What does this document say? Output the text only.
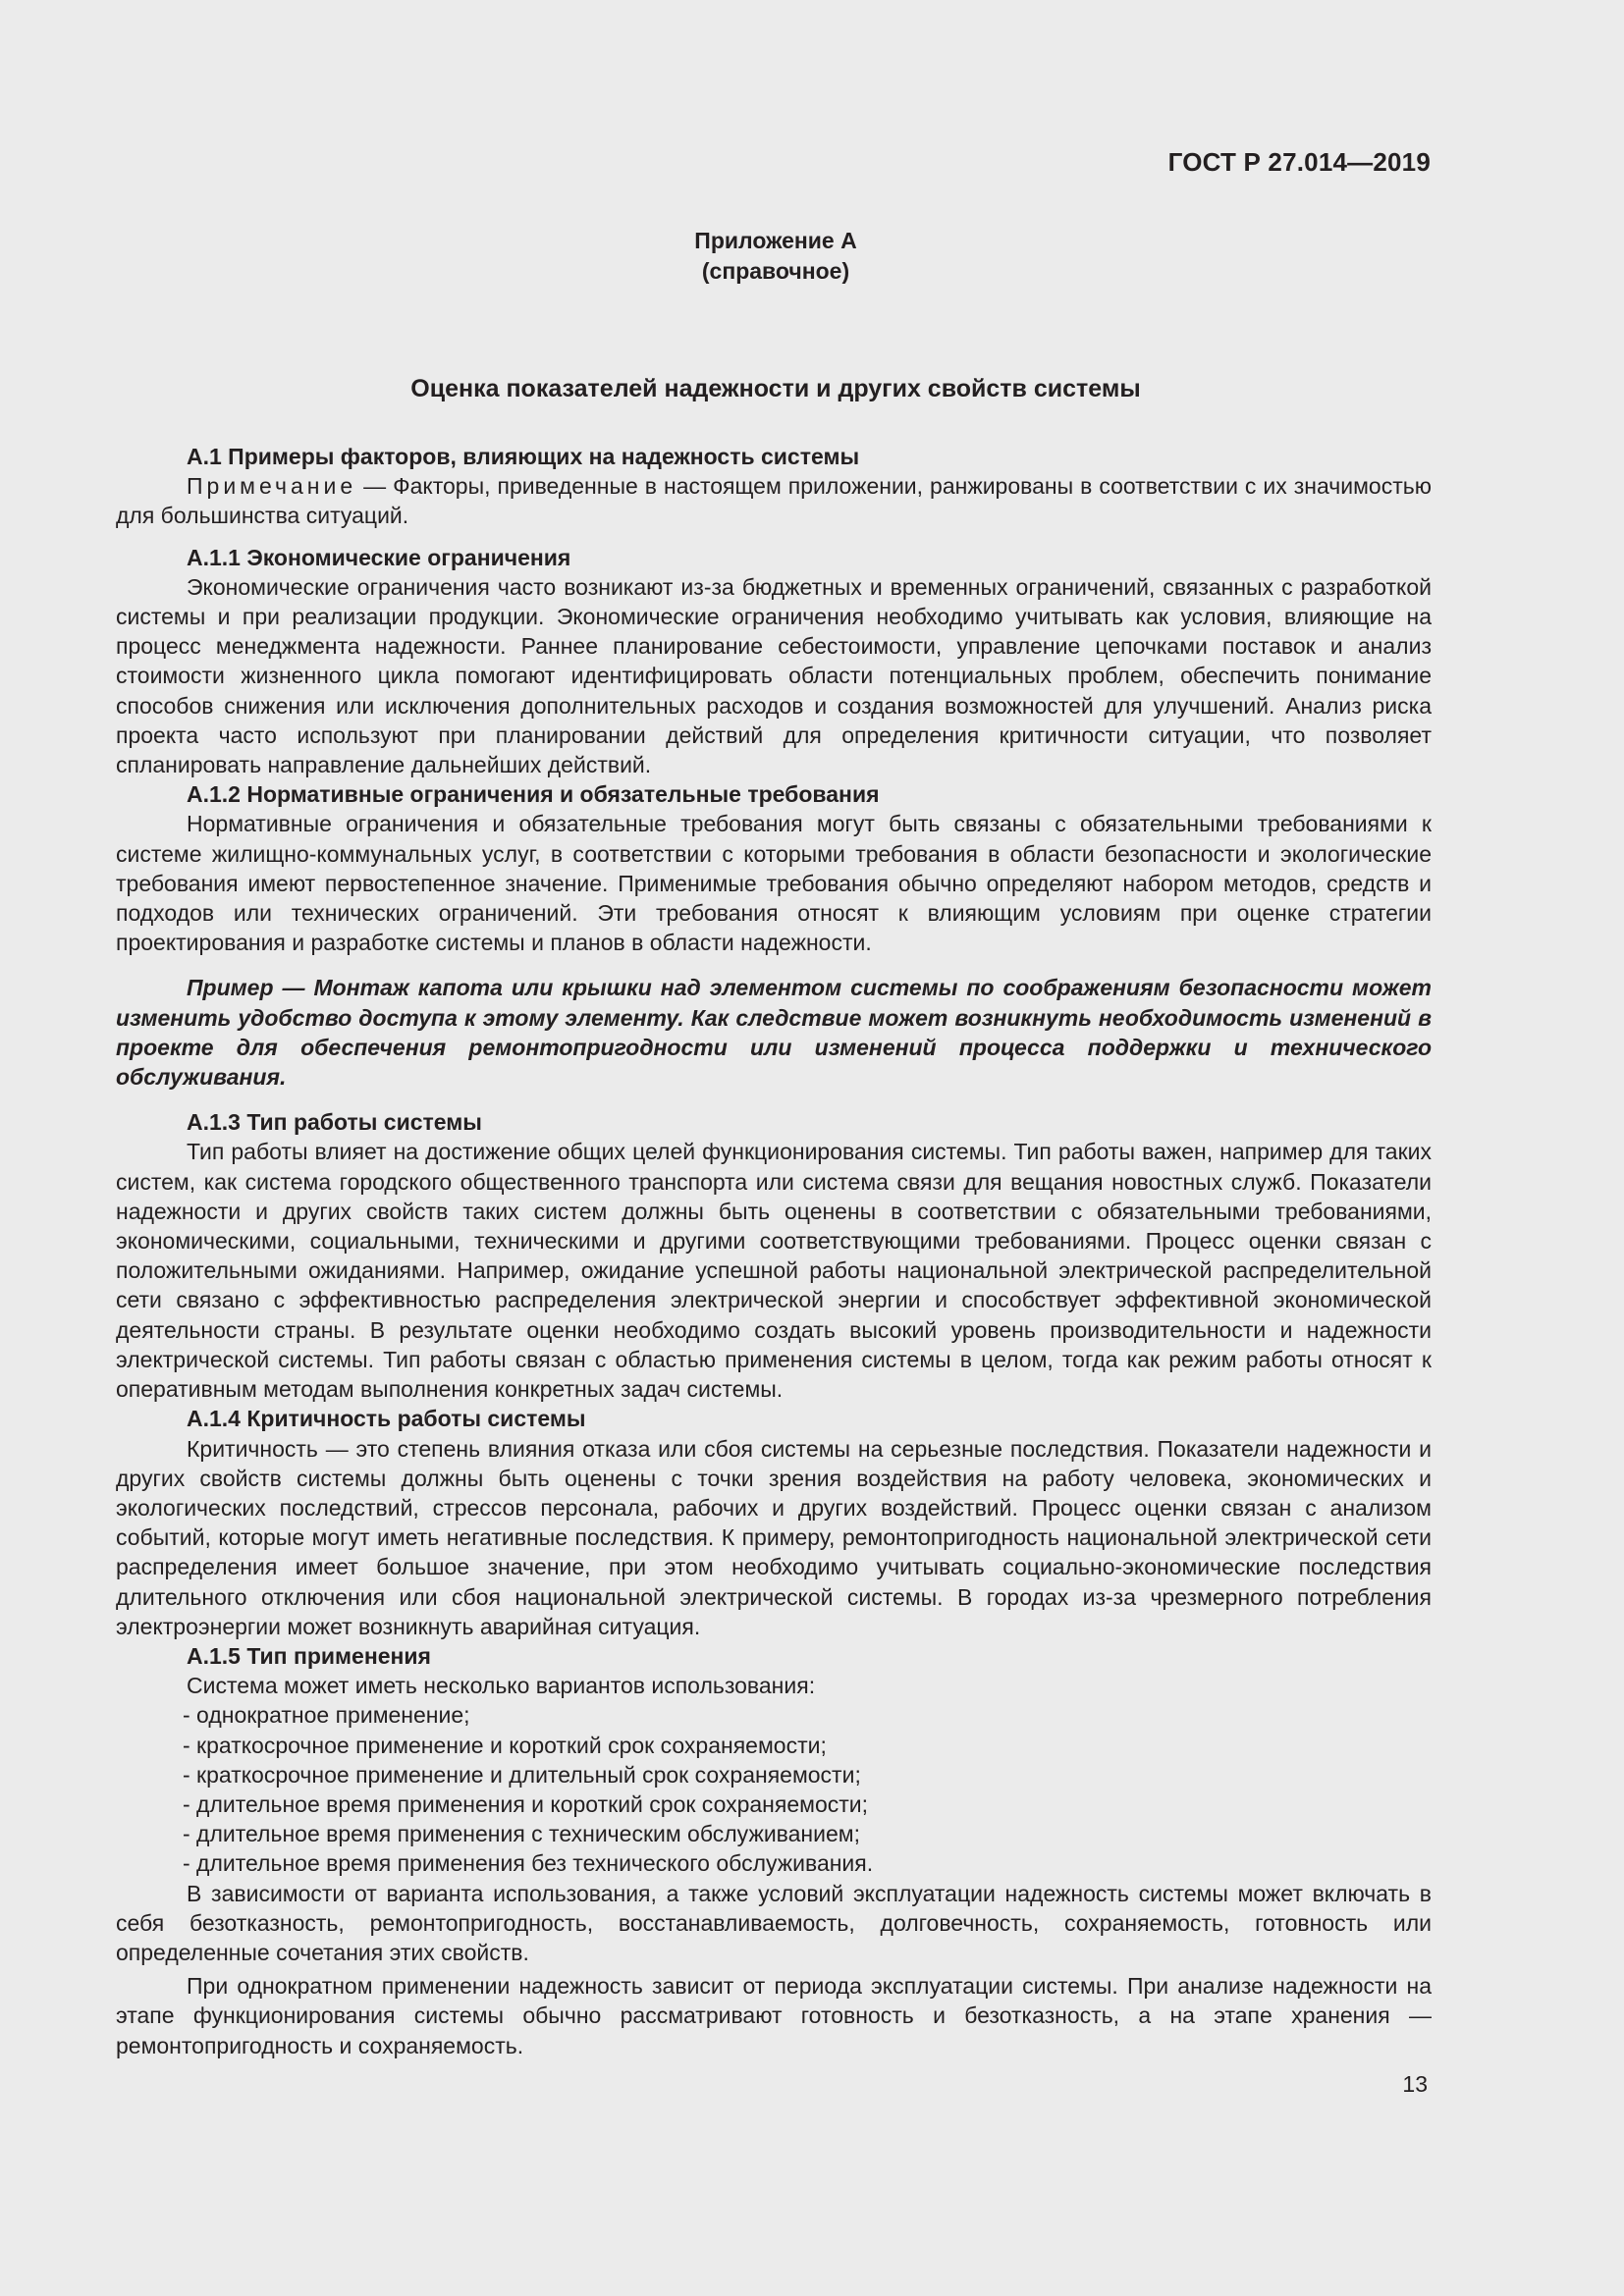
ГОСТ Р 27.014—2019
Приложение А
(справочное)
Оценка показателей надежности и других свойств системы
А.1 Примеры факторов, влияющих на надежность системы

Примечание — Факторы, приведенные в настоящем приложении, ранжированы в соответствии с их значимостью для большинства ситуаций.

А.1.1 Экономические ограничения

Экономические ограничения часто возникают из-за бюджетных и временных ограничений, связанных с разработкой системы и при реализации продукции. Экономические ограничения необходимо учитывать как условия, влияющие на процесс менеджмента надежности. Раннее планирование себестоимости, управление цепочками поставок и анализ стоимости жизненного цикла помогают идентифицировать области потенциальных проблем, обеспечить понимание способов снижения или исключения дополнительных расходов и создания возможностей для улучшений. Анализ риска проекта часто используют при планировании действий для определения критичности ситуации, что позволяет спланировать направление дальнейших действий.

А.1.2 Нормативные ограничения и обязательные требования

Нормативные ограничения и обязательные требования могут быть связаны с обязательными требованиями к системе жилищно-коммунальных услуг, в соответствии с которыми требования в области безопасности и экологические требования имеют первостепенное значение. Применимые требования обычно определяют набором методов, средств и подходов или технических ограничений. Эти требования относят к влияющим условиям при оценке стратегии проектирования и разработке системы и планов в области надежности.

Пример — Монтаж капота или крышки над элементом системы по соображениям безопасности может изменить удобство доступа к этому элементу. Как следствие может возникнуть необходимость изменений в проекте для обеспечения ремонтопригодности или изменений процесса поддержки и технического обслуживания.

А.1.3 Тип работы системы

Тип работы влияет на достижение общих целей функционирования системы. Тип работы важен, например для таких систем, как система городского общественного транспорта или система связи для вещания новостных служб. Показатели надежности и других свойств таких систем должны быть оценены в соответствии с обязательными требованиями, экономическими, социальными, техническими и другими соответствующими требованиями. Процесс оценки связан с положительными ожиданиями. Например, ожидание успешной работы национальной электрической распределительной сети связано с эффективностью распределения электрической энергии и способствует эффективной экономической деятельности страны. В результате оценки необходимо создать высокий уровень производительности и надежности электрической системы. Тип работы связан с областью применения системы в целом, тогда как режим работы относят к оперативным методам выполнения конкретных задач системы.

А.1.4 Критичность работы системы

Критичность — это степень влияния отказа или сбоя системы на серьезные последствия. Показатели надежности и других свойств системы должны быть оценены с точки зрения воздействия на работу человека, экономических и экологических последствий, стрессов персонала, рабочих и других воздействий. Процесс оценки связан с анализом событий, которые могут иметь негативные последствия. К примеру, ремонтопригодность национальной электрической сети распределения имеет большое значение, при этом необходимо учитывать социально-экономические последствия длительного отключения или сбоя национальной электрической системы. В городах из-за чрезмерного потребления электроэнергии может возникнуть аварийная ситуация.

А.1.5 Тип применения

Система может иметь несколько вариантов использования:

- однократное применение;
- краткосрочное применение и короткий срок сохраняемости;
- краткосрочное применение и длительный срок сохраняемости;
- длительное время применения и короткий срок сохраняемости;
- длительное время применения с техническим обслуживанием;
- длительное время применения без технического обслуживания.

В зависимости от варианта использования, а также условий эксплуатации надежность системы может включать в себя безотказность, ремонтопригодность, восстанавливаемость, долговечность, сохраняемость, готовность или определенные сочетания этих свойств.

При однократном применении надежность зависит от периода эксплуатации системы. При анализе надежности на этапе функционирования системы обычно рассматривают готовность и безотказность, а на этапе хранения — ремонтопригодность и сохраняемость.

13
